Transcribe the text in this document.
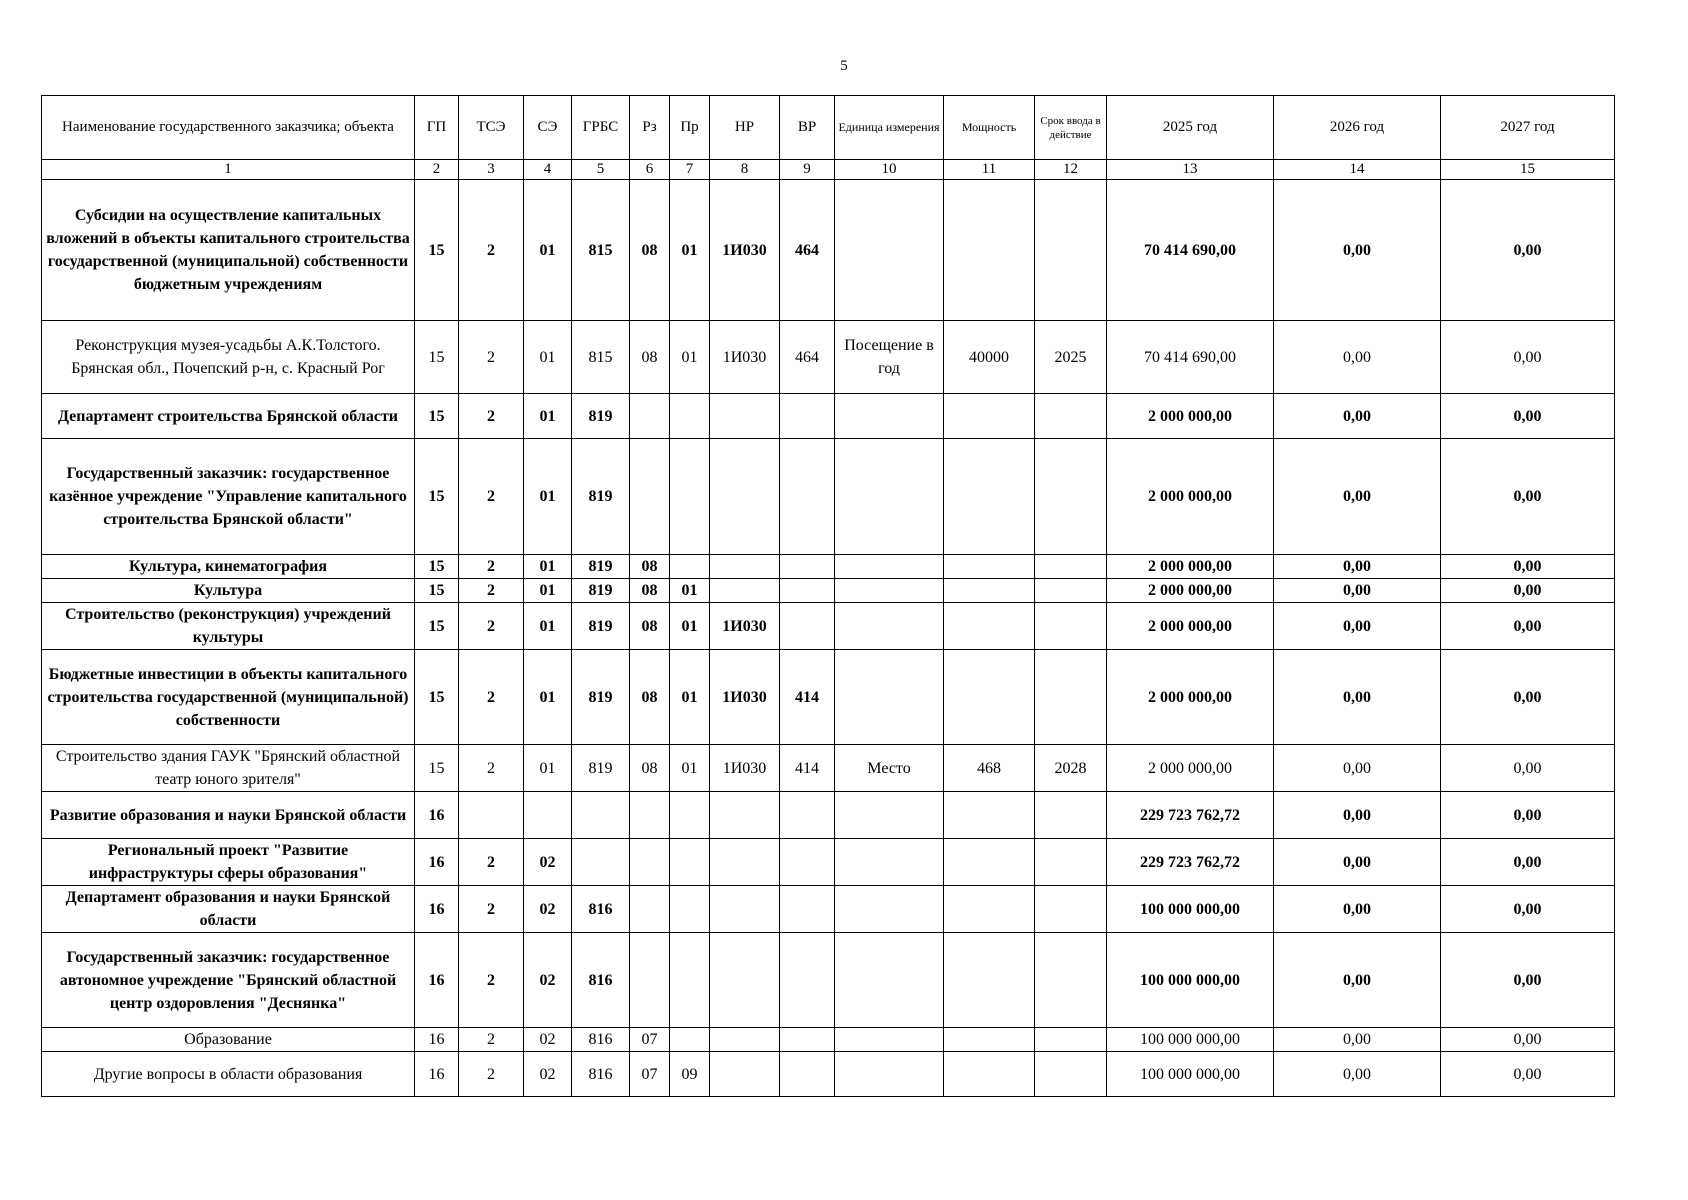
5
Наименование государственного заказчика; объекта	ГП	ТСЭ	СЭ	ГРБС	Рз	Пр	НР	ВР	Единица измерения	Мощность	Срок ввода в действие	2025 год	2026 год	2027 год
1	2	3	4	5	6	7	8	9	10	11	12	13	14	15
Субсидии на осуществление капитальных вложений в объекты капитального строительства государственной (муниципальной) собственности бюджетным учреждениям	15	2	01	815	08	01	1И030	464				70 414 690,00	0,00	0,00
Реконструкция музея-усадьбы А.К.Толстого. Брянская обл., Почепский р-н, с. Красный Рог	15	2	01	815	08	01	1И030	464	Посещение в год	40000	2025	70 414 690,00	0,00	0,00
Департамент строительства Брянской области	15	2	01	819								2 000 000,00	0,00	0,00
Государственный заказчик: государственное казённое учреждение "Управление капитального строительства Брянской области"	15	2	01	819								2 000 000,00	0,00	0,00
Культура, кинематография	15	2	01	819	08							2 000 000,00	0,00	0,00
Культура	15	2	01	819	08	01						2 000 000,00	0,00	0,00
Строительство (реконструкция) учреждений культуры	15	2	01	819	08	01	1И030					2 000 000,00	0,00	0,00
Бюджетные инвестиции в объекты капитального строительства государственной (муниципальной) собственности	15	2	01	819	08	01	1И030	414				2 000 000,00	0,00	0,00
Строительство здания ГАУК "Брянский областной театр юного зрителя"	15	2	01	819	08	01	1И030	414	Место	468	2028	2 000 000,00	0,00	0,00
Развитие образования и науки Брянской области	16											229 723 762,72	0,00	0,00
Региональный проект "Развитие инфраструктуры сферы образования"	16	2	02									229 723 762,72	0,00	0,00
Департамент образования и науки Брянской области	16	2	02	816								100 000 000,00	0,00	0,00
Государственный заказчик: государственное автономное учреждение "Брянский областной центр оздоровления "Деснянка"	16	2	02	816								100 000 000,00	0,00	0,00
Образование	16	2	02	816	07							100 000 000,00	0,00	0,00
Другие вопросы в области образования	16	2	02	816	07	09						100 000 000,00	0,00	0,00
